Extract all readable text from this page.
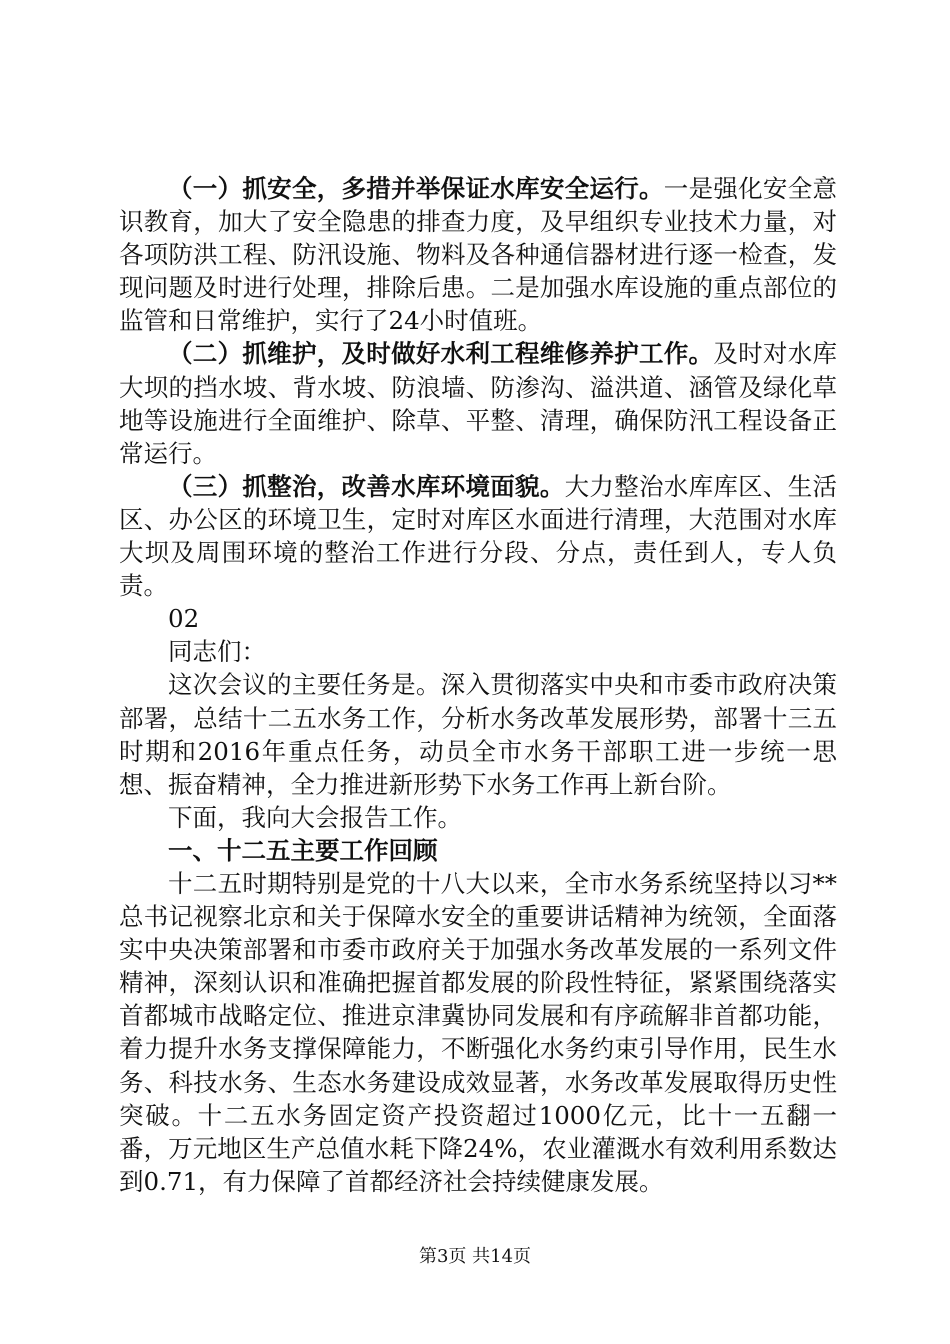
（一）抓安全，多措并举保证水库安全运行。一是强化安全意识教育，加大了安全隐患的排查力度，及早组织专业技术力量，对各项防洪工程、防汛设施、物料及各种通信器材进行逐一检查，发现问题及时进行处理，排除后患。二是加强水库设施的重点部位的监管和日常维护，实行了24小时值班。

（二）抓维护，及时做好水利工程维修养护工作。及时对水库大坝的挡水坡、背水坡、防浪墙、防渗沟、溢洪道、涵管及绿化草地等设施进行全面维护、除草、平整、清理，确保防汛工程设备正常运行。

（三）抓整治，改善水库环境面貌。大力整治水库库区、生活区、办公区的环境卫生，定时对库区水面进行清理，大范围对水库大坝及周围环境的整治工作进行分段、分点，责任到人，专人负责。

02

同志们：

这次会议的主要任务是。深入贯彻落实中央和市委市政府决策部署，总结十二五水务工作，分析水务改革发展形势，部署十三五时期和2016年重点任务，动员全市水务干部职工进一步统一思想、振奋精神，全力推进新形势下水务工作再上新台阶。

下面，我向大会报告工作。

一、十二五主要工作回顾

十二五时期特别是党的十八大以来，全市水务系统坚持以习**总书记视察北京和关于保障水安全的重要讲话精神为统领，全面落实中央决策部署和市委市政府关于加强水务改革发展的一系列文件精神，深刻认识和准确把握首都发展的阶段性特征，紧紧围绕落实首都城市战略定位、推进京津冀协同发展和有序疏解非首都功能，着力提升水务支撑保障能力，不断强化水务约束引导作用，民生水务、科技水务、生态水务建设成效显著，水务改革发展取得历史性突破。十二五水务固定资产投资超过1000亿元，比十一五翻一番，万元地区生产总值水耗下降24%，农业灌溉水有效利用系数达到0.71，有力保障了首都经济社会持续健康发展。

第3页 共14页
